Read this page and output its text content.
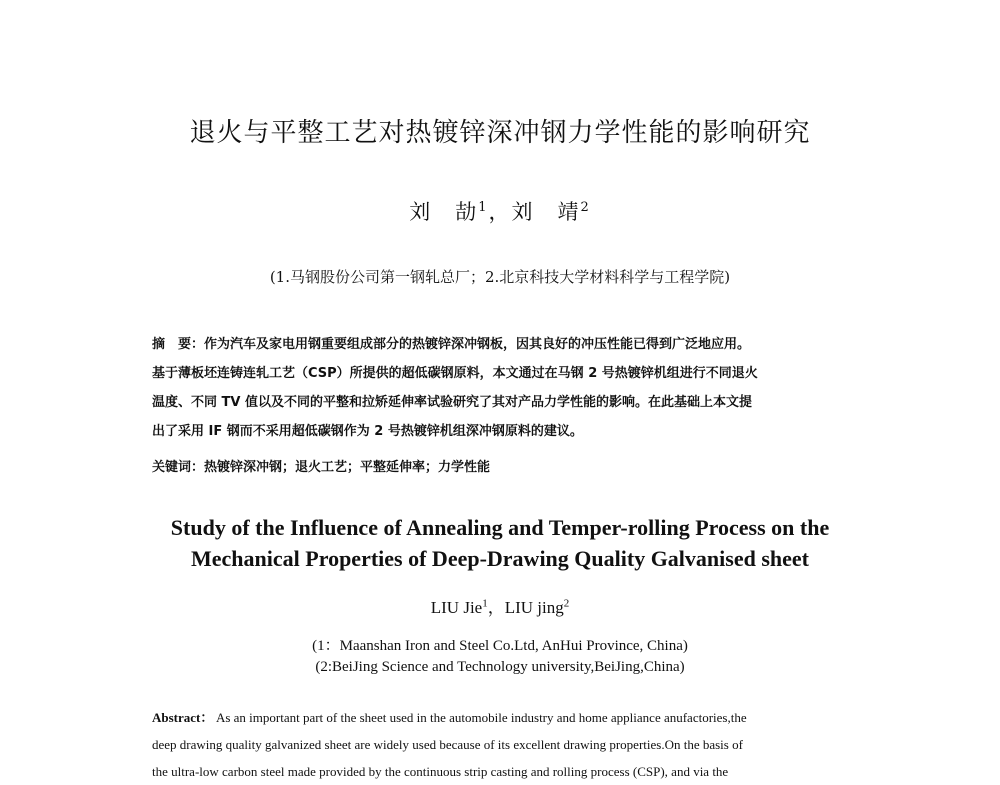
退火与平整工艺对热镀锌深冲钢力学性能的影响研究
刘　劼$^1$，刘　靖$^2$
(1.马钢股份公司第一钢轧总厂；2.北京科技大学材料科学与工程学院)
摘　要：作为汽车及家电用钢重要组成部分的热镀锌深冲钢板，因其良好的冲压性能已得到广泛地应用。
基于薄板坯连铸连轧工艺（CSP）所提供的超低碳钢原料，本文通过在马钢 2 号热镀锌机组进行不同退火
温度、不同 TV 值以及不同的平整和拉矫延伸率试验研究了其对产品力学性能的影响。在此基础上本文提
出了采用 IF 钢而不采用超低碳钢作为 2 号热镀锌机组深冲钢原料的建议。
关键词：热镀锌深冲钢；退火工艺；平整延伸率；力学性能
Study of the Influence of Annealing and Temper-rolling Process on the
Mechanical Properties of Deep-Drawing Quality Galvanised sheet
LIU Jie$^1$，LIU jing$^2$
(1：Maanshan Iron and Steel Co.Ltd, AnHui Province, China)
(2:BeiJing Science and Technology university,BeiJing,China)
Abstract： As an important part of the sheet used in the automobile industry and home appliance anufactories,the
deep drawing quality galvanized sheet are widely used because of its excellent drawing properties.On the basis of
the ultra-low carbon steel made provided by the continuous strip casting and rolling process (CSP), and via the
